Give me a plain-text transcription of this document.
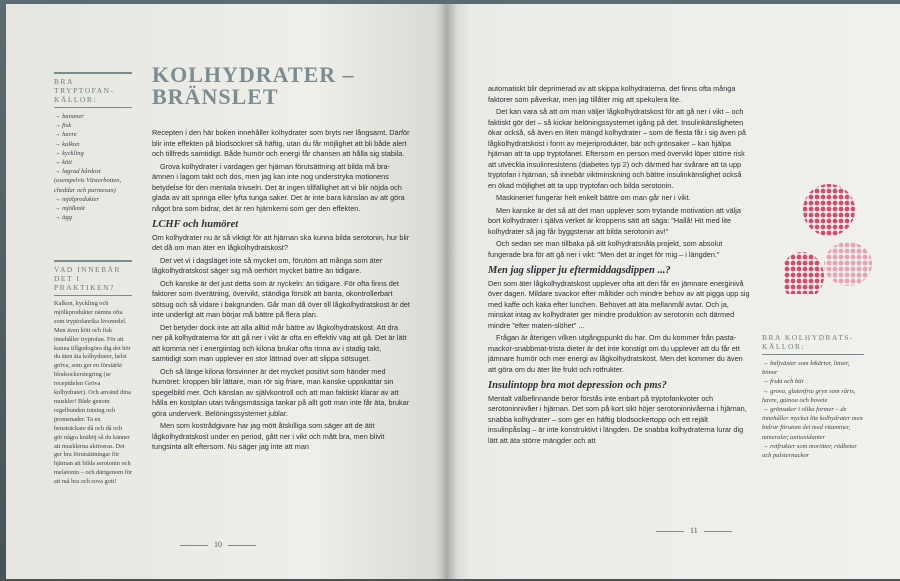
BRA TRYPTOFAN-KÄLLOR:
→ bananer
→ fisk
→ havre
→ kalkon
→ kyckling
→ kött
→ lagrad hårdost (exempelvis Västerbotten, cheddar och parmesan)
→ mjölprodukter
→ mjölknöt
→ ägg
VAD INNEBÄR DET I PRAKTIKEN?

Kalkon, kyckling och mjölkprodukter nämns ofta som tryptofanrika livsmedel. Men även kött och fisk innehåller tryptofan. För att kunna tillgodogöra dig det bör du äten äta kolhydrater, helst gröva, som ger en förstärkt blodsockerstegring (se receptdelen Gröva kolhydrater). Och använd dina muskler! Både genom regelbunden träning och promenader. Ta en bensträckare då och då och gör några knäböj så du känner att musklerna aktiveras. Det ger bra förutsättningar för hjärnan att bilda serotonin och melatonin – och därigenom för att må bra och sova gott!

KOLHYDRATER –
BRÄNSLET

Recepten i den här boken innehåller kolhydrater som bryts ner långsamt. Därför blir inte effekten på blodsockret så häftig, utan du får möjlighet att bli både alert och tillfreds samtidigt. Både humör och energi får chansen att hålla sig stabila.

Grova kolhydrater i vardagen ger hjärnan förutsättning att bilda må bra-ämnen i lagom takt och dos, men jag kan inte nog understryka motionens betydelse för den mentala trivseln. Det är ingen tillfällighet att vi blir nöjda och glada av att springa eller lyfta tunga saker. Det är inte bara känslan av att göra något bra som bidrar, det är ren hjärnkemi som ger den effekten.

LCHF och humöret

Om kolhydrater nu är så viktigt för att hjärnan ska kunna bilda serotonin, hur blir det då om man äter en lågkolhydratskost?

Det vet vi i dagsläget inte så mycket om, förutom att många som äter lågkolhydratskost säger sig må oerhört mycket bättre än tidigare.

Och kanske är det just detta som är nyckeln: än tidigare. För ofta finns det faktorer som överätning, övervikt, ständiga försök att banta, okontrollerbart sötsug och så vidare i bakgrunden. Går man då över till lågkolhydratskost är det inte underligt att man börjar må bättre på flera plan.

Det betyder dock inte att alla alltid mår bättre av lågkolhydratskost. Att dra ner på kolhydraterna för att gå ner i vikt är ofta en effektiv väg att gå. Det är lätt att komma ner i energiintag och kilona brukar ofta rinna av i stadig takt, samtidigt som man upplever en stor lättnad över att slippa sötsuget.

Och så länge kilona försvinner är det mycket positivt som händer med humöret: kroppen blir lättare, man rör sig friare, man kanske uppskattar sin spegelbild mer. Och känslan av självkontroll och att man faktiskt klarar av att hålla en kostplan utan tvångsmässiga tankar på allt gott man inte får äta, brukar göra underverk. Belöningssystemet jublar.

Men som kostrådgivare har jag mött åtskilliga som säger att de ätit lågkolhydratskost under en period, gått ner i vikt och mått bra, men blivit tungsinta allt eftersom. Nu säger jag inte att man

10

automatiskt blir deprimerad av att skippa kolhydraterna, det finns ofta många faktorer som påverkar, men jag tillåter mig att spekulera lite.

Det kan vara så att om man väljer lågkolhydratskost för att gå ner i vikt – och faktiskt gör det – så kickar belöningssystemet igång på det. Insulinkänsligheten ökar också, så även en liten mängd kolhydrater – som de flesta får i sig även på lågkolhydratskost i form av mejeriprodukter, bär och grönsaker – kan hjälpa hjärnan att ta upp tryptofanet. Eftersom en person med övervikt löper större risk att utveckla insulinresistens (diabetes typ 2) och därmed har svårare att ta upp tryptofan i hjärnan, så innebär viktminskning och bättre insulinkänslighet också en ökad möjlighet att ta upp tryptofan och bilda serotonin.

Maskineriet fungerar helt enkelt bättre om man går ner i vikt.

Men kanske är det så att det man upplever som trytande motivation att välja bort kolhydrater i själva verket är kroppens sätt att säga: "Hallå! Hit med lite kolhydrater så jag får byggstenar att bilda serotonin av!"

Och sedan ser man tillbaka på sitt kolhydratsnåla projekt, som absolut fungerade bra för att gå ner i vikt: "Men det är inget för mig – i längden."

Men jag slipper ju eftermiddagsdippen ...?

Den som äter lågkolhydratskost upplever ofta att den får en jämnare energinivå över dagen. Mildare svackor efter måltider och mindre behov av att pigga upp sig med kaffe och kaka efter lunchen. Behovet att äta mellanmål avtar. Och ja, minskat intag av kolhydrater ger mindre produktion av serotonin och därmed mindre "efter maten-slöhet" ...

Frågan är återigen vilken utgångspunkt du har. Om du kommer från pasta-mackor-snabbmat-trista dieter är det inte konstigt om du upplever att du får ett jämnare humör och mer energi av lågkolhydratskost. Men det kommer du även att göra om du äter lite frukt och rotfrukter.

Insulintopp bra mot depression och pms?

Mentalt välbefinnande beror förstås inte enbart på tryptofankvoter och serotoninnivåer i hjärnan. Det som på kort sikt höjer serotoninnivåerna i hjärnan, snabba kolhydrater – som ger en häftig blodsockertopp och ett rejält insulinpåslag – är inte konstruktivt i längden. De snabba kolhydraterna lurar dig lätt att äta större mängder och att

BRA KOLHYDRATS-KÄLLOR:
→ baljväxter som kikärtor, linser, bönor
→ frukt och bär
→ grova, glutenfria gryn som råris, havre, quinoa och bovete
→ grönsaker i olika former – de innehåller mycket lite kolhydrater men bidrar förutom det med vitaminer, mineraler, antioxidanter
→ rotfrukter som morötter, rödbetor och palsternackor
11
